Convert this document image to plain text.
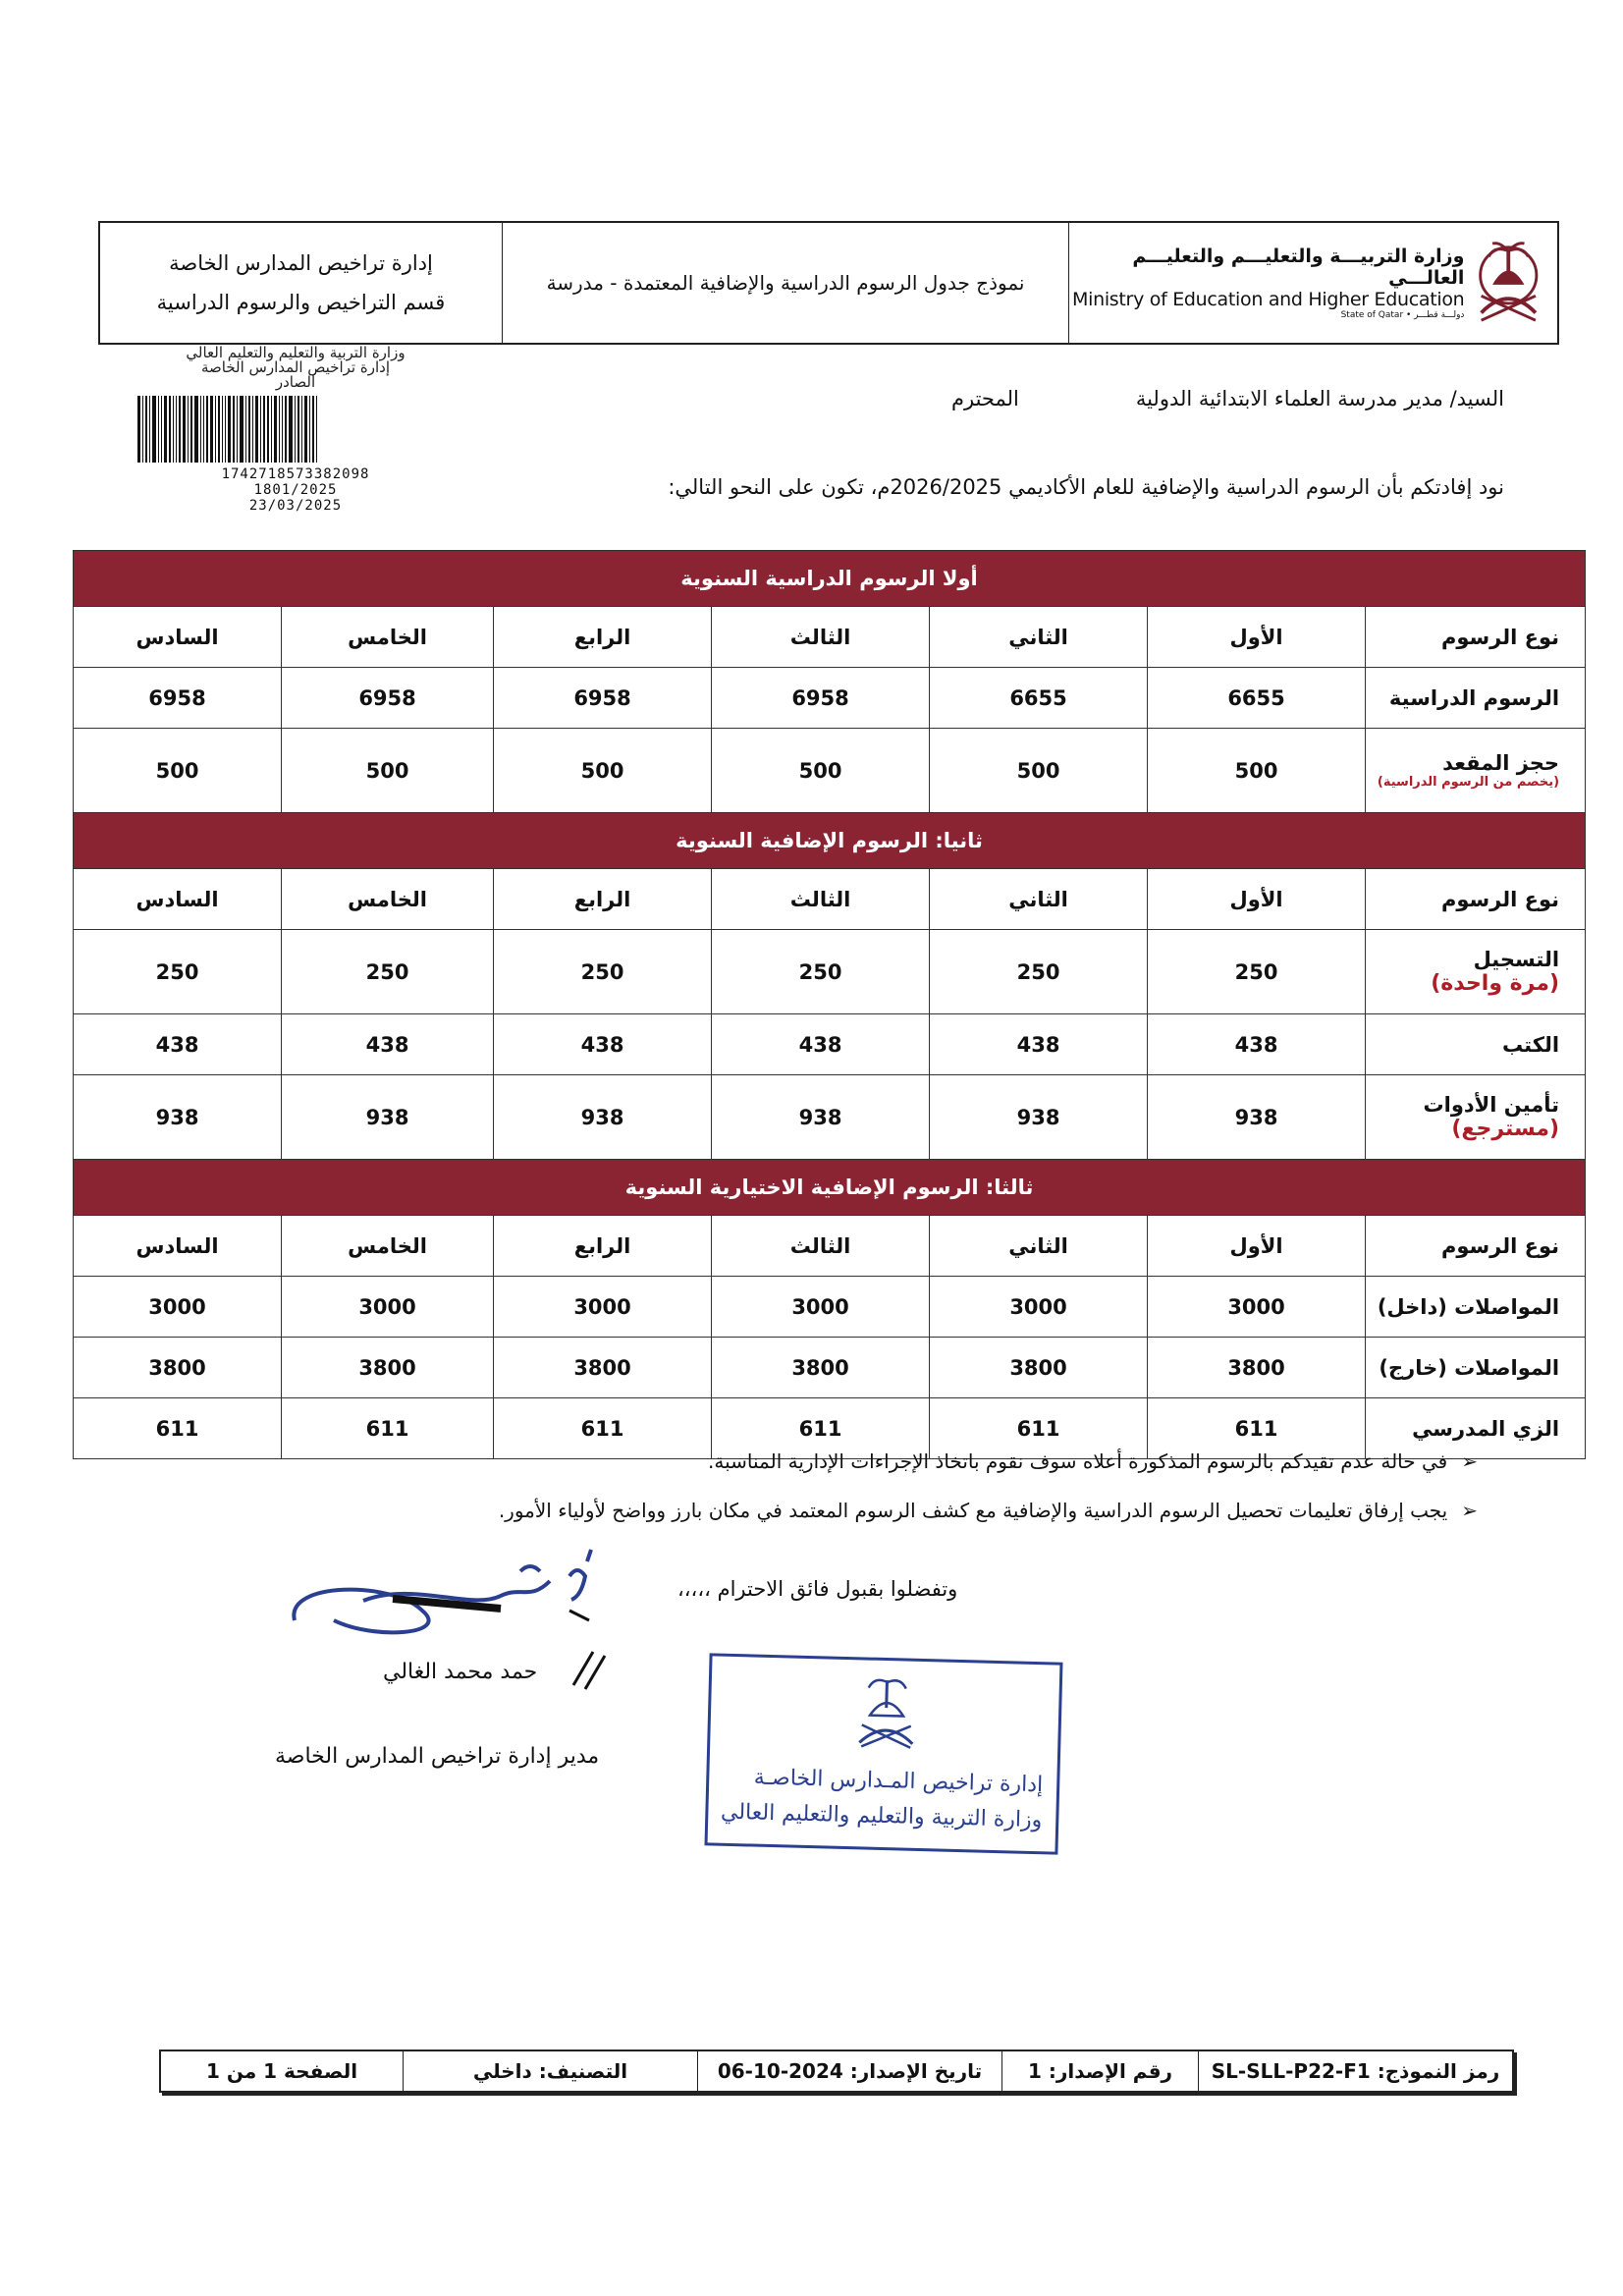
إدارة تراخيص المدارس الخاصة
قسم التراخيص والرسوم الدراسية
نموذج جدول الرسوم الدراسية والإضافية المعتمدة - مدرسة
وزارة التربيـــة والتعليـــم والتعليـــم العالـــي
Ministry of Education and Higher Education
State of Qatar • دولـــة قطـــر
وزارة التربية والتعليم والتعليم العالي
إدارة تراخيص المدارس الخاصة
الصادر
1742718573382098
1801/2025
23/03/2025
السيد/ مدير مدرسة العلماء الابتدائية الدولية
المحترم
نود إفادتكم بأن الرسوم الدراسية والإضافية للعام الأكاديمي 2026/2025م، تكون على النحو التالي:
أولا الرسوم الدراسية السنوية						
نوع الرسوم	الأول	الثاني	الثالث	الرابع	الخامس	السادس

الرسوم الدراسية	6655	6655	6958	6958	6958	6958

حجز المقعد
(يخصم من الرسوم الدراسية)	500	500	500	500	500	500
ثانيا: الرسوم الإضافية السنوية						
نوع الرسوم	الأول	الثاني	الثالث	الرابع	الخامس	السادس

التسجيل
(مرة واحدة)	250	250	250	250	250	250

الكتب	438	438	438	438	438	438

تأمين الأدوات
(مسترجع)	938	938	938	938	938	938
ثالثا: الرسوم الإضافية الاختيارية السنوية						
نوع الرسوم	الأول	الثاني	الثالث	الرابع	الخامس	السادس

المواصلات (داخل)	3000	3000	3000	3000	3000	3000

المواصلات (خارج)	3800	3800	3800	3800	3800	3800

الزي المدرسي	611	611	611	611	611	611
➢في حالة عدم تقيدكم بالرسوم المذكورة أعلاه سوف نقوم باتخاذ الإجراءات الإدارية المناسبة.
➢يجب إرفاق تعليمات تحصيل الرسوم الدراسية والإضافية مع كشف الرسوم المعتمد في مكان بارز وواضح لأولياء الأمور.
وتفضلوا بقبول فائق الاحترام ،،،،،
حمد محمد الغالي
مدير إدارة تراخيص المدارس الخاصة
إدارة تراخيص المـدارس الخاصـة
وزارة التربية والتعليم والتعليم العالي
رمز النموذج: SL-SLL-P22-F1
رقم الإصدار: 1
تاريخ الإصدار: 2024-10-06
التصنيف: داخلي
الصفحة 1 من 1
